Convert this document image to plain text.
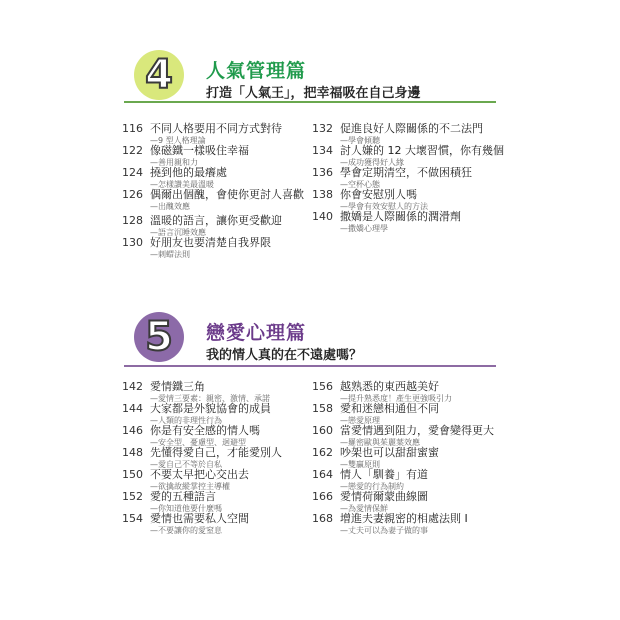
4	人氣管理篇
打造「人氣王」，把幸福吸在自己身邊
116 不同人格要用不同方式對待
—9 型人格理論
122 像磁鐵一樣吸住幸福
—善用親和力
124 撓到他的最癢處
—怎樣讚美最溫暖
126 偶爾出個醜，會使你更討人喜歡
—出醜效應
128 溫暖的語言，讓你更受歡迎
—語言沉睡效應
130 好朋友也要清楚自我界限
—刺蝟法則
132 促進良好人際關係的不二法門
—學會傾聽
134 討人嫌的 12 大壞習慣，你有幾個
—成功獲得好人緣
136 學會定期清空，不做困積狂
—空杯心態
138 你會安慰別人嗎
—學會有效安慰人的方法
140 撒嬌是人際關係的潤滑劑
—撒嬌心理學
5	戀愛心理篇
我的情人真的在不遠處嗎？
142 愛情鐵三角
—愛情三要素：親密、激情、承諾
144 大家都是外貌協會的成員
—人類的非理性行為
146 你是有安全感的情人嗎
—安全型、憂慮型、迴避型
148 先懂得愛自己，才能愛別人
—愛自己不等於自私
150 不要太早把心交出去
—欲擒故縱掌控主導權
152 愛的五種語言
—你知道他要什麼嗎
154 愛情也需要私人空間
—不要讓你的愛窒息
156 越熟悉的東西越美好
—提升熟悉度！產生更強吸引力
158 愛和迷戀相通但不同
—戀愛原理
160 當愛情遇到阻力，愛會變得更大
—羅密歐與茱麗葉效應
162 吵架也可以甜甜蜜蜜
—雙贏原則
164 情人「馴養」有道
—戀愛的行為制約
166 愛情荷爾蒙曲線圖
—為愛情保鮮
168 增進夫妻親密的相處法則 I
—丈夫可以為妻子做的事
